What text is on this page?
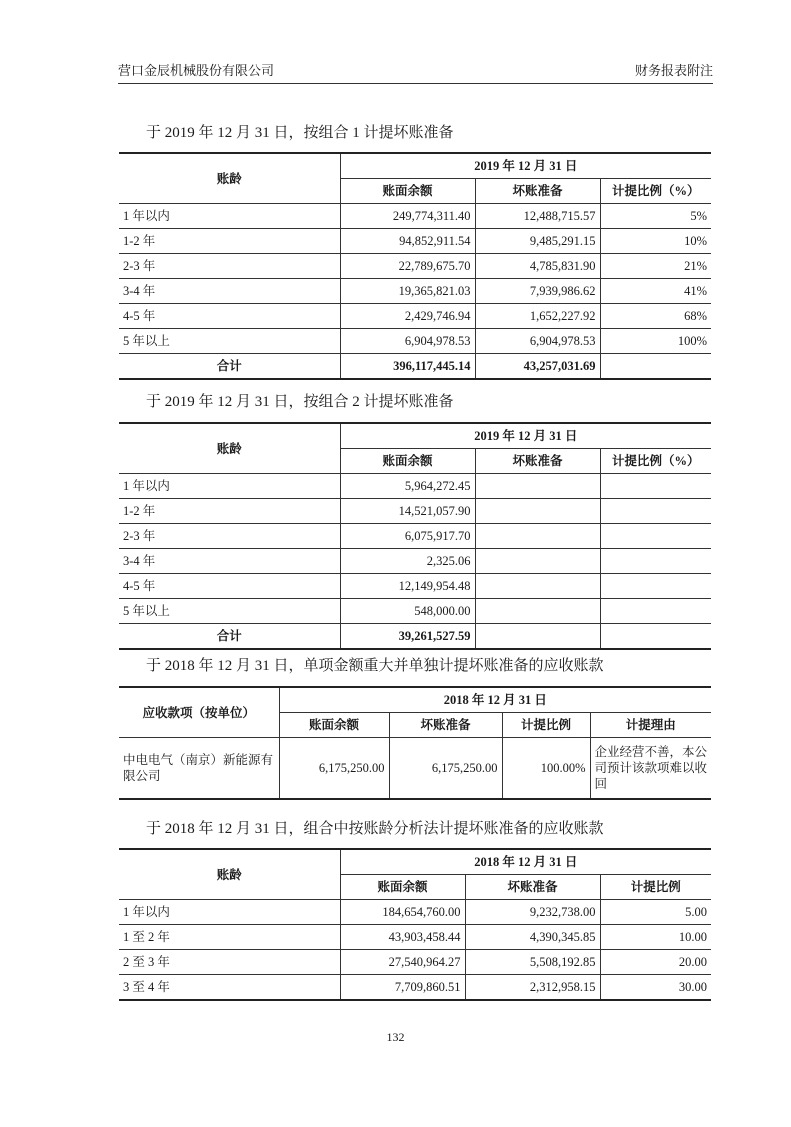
营口金辰机械股份有限公司	财务报表附注
于 2019 年 12 月 31 日，按组合 1 计提坏账准备
账龄	2019 年 12 月 31 日		
	账面余额	坏账准备	计提比例（%）
1 年以内	249,774,311.40	12,488,715.57	5%
1-2 年	94,852,911.54	9,485,291.15	10%
2-3 年	22,789,675.70	4,785,831.90	21%
3-4 年	19,365,821.03	7,939,986.62	41%
4-5 年	2,429,746.94	1,652,227.92	68%
5 年以上	6,904,978.53	6,904,978.53	100%
合计	396,117,445.14	43,257,031.69	
于 2019 年 12 月 31 日，按组合 2 计提坏账准备
账龄	2019 年 12 月 31 日		
	账面余额	坏账准备	计提比例（%）
1 年以内	5,964,272.45		
1-2 年	14,521,057.90		
2-3 年	6,075,917.70		
3-4 年	2,325.06		
4-5 年	12,149,954.48		
5 年以上	548,000.00		
合计	39,261,527.59		
于 2018 年 12 月 31 日，单项金额重大并单独计提坏账准备的应收账款
应收款项（按单位）	2018 年 12 月 31 日			
	账面余额	坏账准备	计提比例	计提理由
中电电气（南京）新能源有限公司	6,175,250.00	6,175,250.00	100.00%	企业经营不善，本公司预计该款项难以收回
于 2018 年 12 月 31 日，组合中按账龄分析法计提坏账准备的应收账款
账龄	2018 年 12 月 31 日		
	账面余额	坏账准备	计提比例
1 年以内	184,654,760.00	9,232,738.00	5.00
1 至 2 年	43,903,458.44	4,390,345.85	10.00
2 至 3 年	27,540,964.27	5,508,192.85	20.00
3 至 4 年	7,709,860.51	2,312,958.15	30.00
132
